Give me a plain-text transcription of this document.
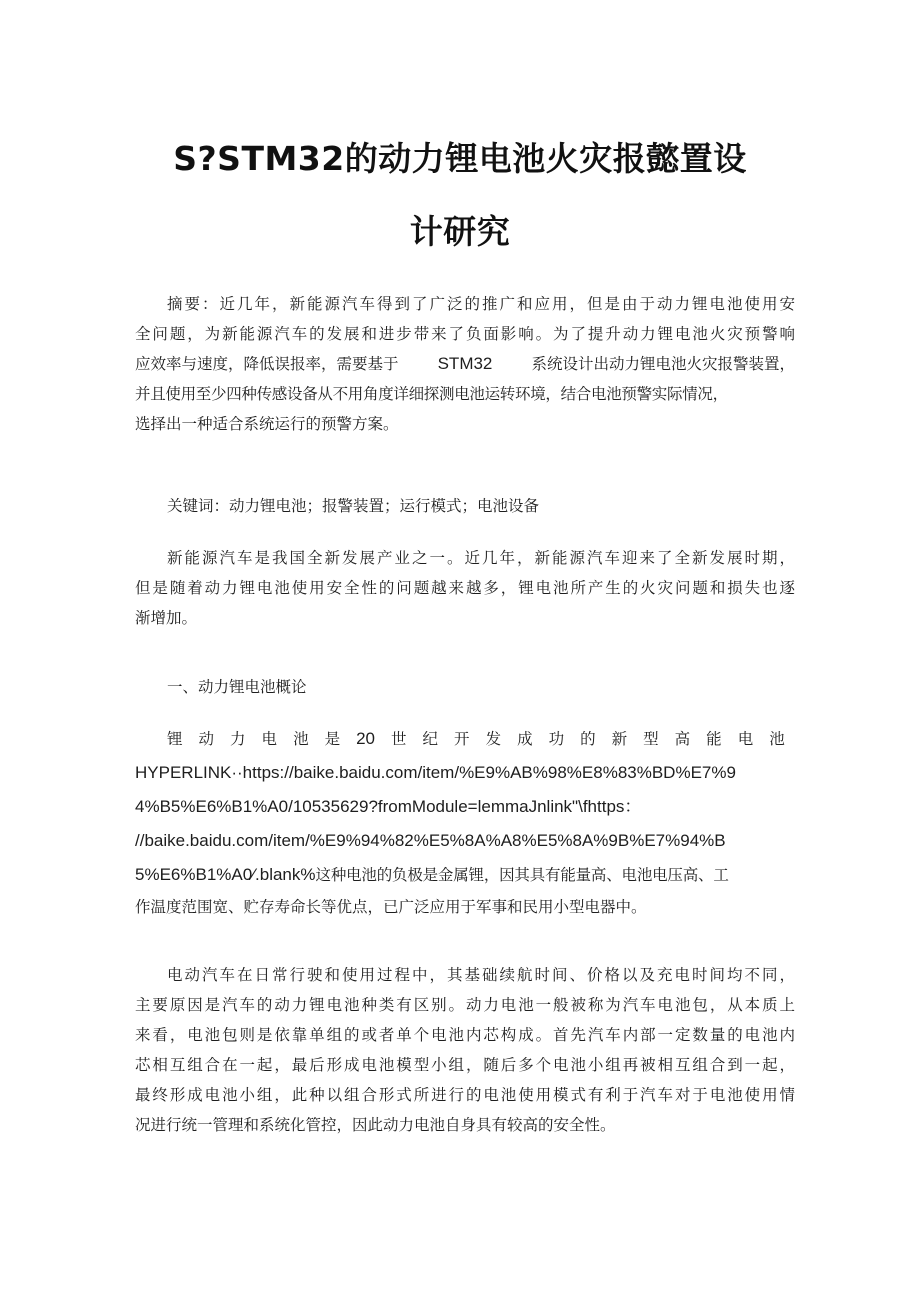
S?STM32的动力锂电池火灾报懿置设
计研究
摘要：近几年，新能源汽车得到了广泛的推广和应用，但是由于动力锂电池使用安
全问题，为新能源汽车的发展和进步带来了负面影响。为了提升动力锂电池火灾预警响
应效率与速度，降低误报率，需要基于 STM32	系统设计出动力锂电池火灾报警装置，
并且使用至少四种传感设备从不用角度详细探测电池运转环境，结合电池预警实际情况，
选择出一种适合系统运行的预警方案。
关键词：动力锂电池；报警装置；运行模式；电池设备
新能源汽车是我国全新发展产业之一。近几年，新能源汽车迎来了全新发展时期，
但是随着动力锂电池使用安全性的问题越来越多，锂电池所产生的火灾问题和损失也逐
渐增加。
一、动力锂电池概论
锂 动 力 电 池 是 20 世 纪 开 发 成 功 的 新 型 高 能 电 池
HYPERLINK··https://baike.baidu.com/item/%E9%AB%98%E8%83%BD%E7%9
4%B5%E6%B1%A0/10535629?fromModule=lemmaJnlink"\fhttps：
//baike.baidu.com/item/%E9%94%82%E5%8A%A8%E5%8A%9B%E7%94%B
5%E6%B1%A0⁄.blank%这种电池的负极是金属锂，因其具有能量高、电池电压高、工
作温度范围宽、贮存寿命长等优点，已广泛应用于军事和民用小型电器中。
电动汽车在日常行驶和使用过程中，其基础续航时间、价格以及充电时间均不同，
主要原因是汽车的动力锂电池种类有区别。动力电池一般被称为汽车电池包，从本质上
来看，电池包则是依靠单组的或者单个电池内芯构成。首先汽车内部一定数量的电池内
芯相互组合在一起，最后形成电池模型小组，随后多个电池小组再被相互组合到一起，
最终形成电池小组，此种以组合形式所进行的电池使用模式有利于汽车对于电池使用情
况进行统一管理和系统化管控，因此动力电池自身具有较高的安全性。
